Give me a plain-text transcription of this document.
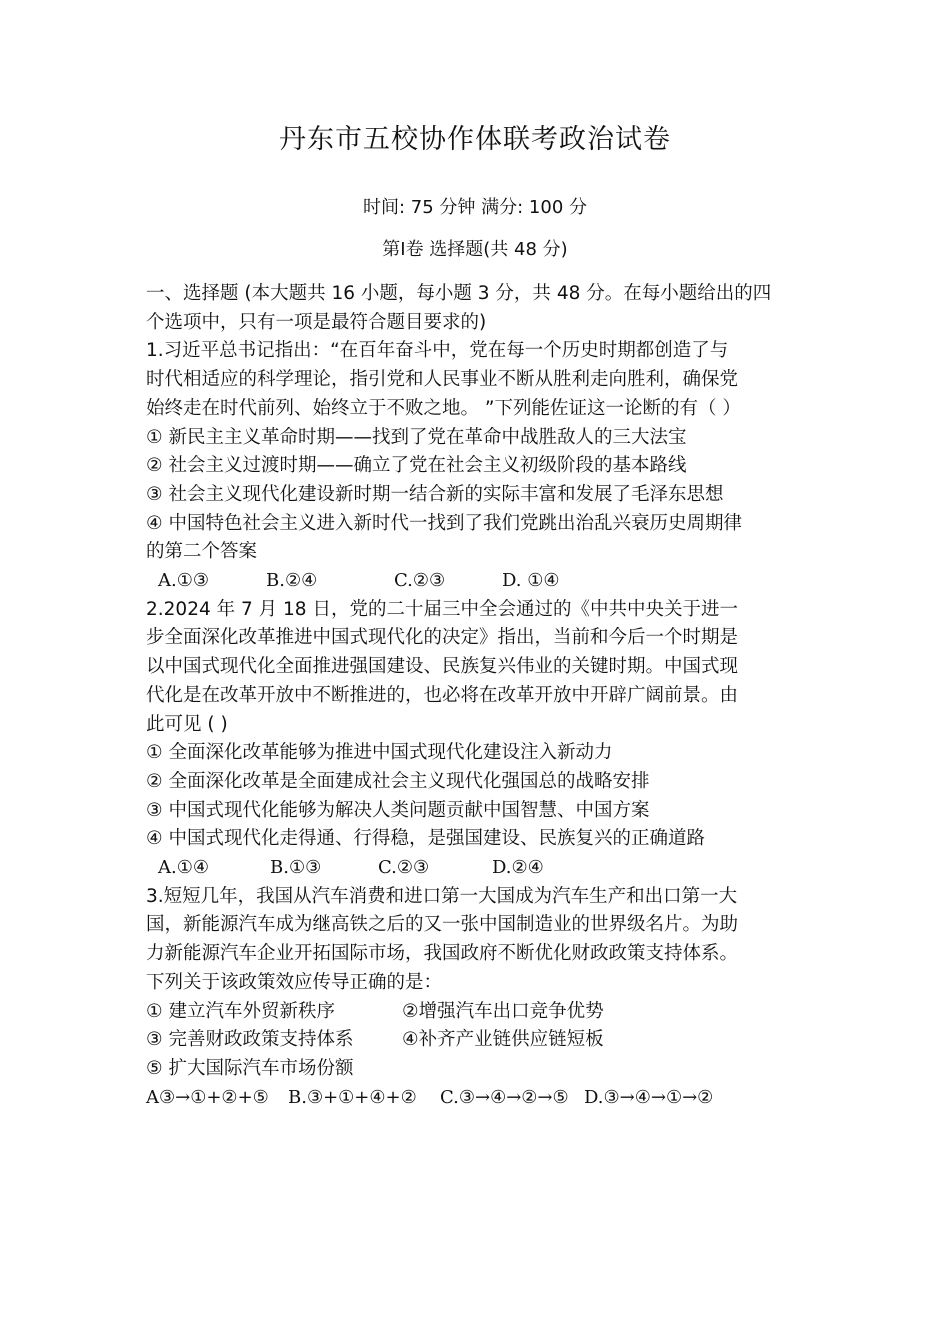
丹东市五校协作体联考政治试卷
时间: 75 分钟 满分: 100 分
第Ⅰ卷 选择题(共 48 分)

一、选择题 (本大题共 16 小题，每小题 3 分，共 48 分。在每小题给出的四

个选项中，只有一项是最符合题目要求的)

1.习近平总书记指出：“在百年奋斗中，党在每一个历史时期都创造了与

时代相适应的科学理论，指引党和人民事业不断从胜利走向胜利，确保党

始终走在时代前列、始终立于不败之地。 ”下列能佐证这一论断的有（ ）

① 新民主主义革命时期——找到了党在革命中战胜敌人的三大法宝

② 社会主义过渡时期——确立了党在社会主义初级阶段的基本路线

③ 社会主义现代化建设新时期一结合新的实际丰富和发展了毛泽东思想

④ 中国特色社会主义进入新时代一找到了我们党跳出治乱兴衰历史周期律

的第二个答案

A.①③	B.②④	C.②③	D. ①④

2.2024 年 7 月 18 日，党的二十届三中全会通过的《中共中央关于进一

步全面深化改革推进中国式现代化的决定》指出，当前和今后一个时期是

以中国式现代化全面推进强国建设、民族复兴伟业的关键时期。中国式现

代化是在改革开放中不断推进的，也必将在改革开放中开辟广阔前景。由

此可见 ( )

① 全面深化改革能够为推进中国式现代化建设注入新动力

② 全面深化改革是全面建成社会主义现代化强国总的战略安排

③ 中国式现代化能够为解决人类问题贡献中国智慧、中国方案

④ 中国式现代化走得通、行得稳，是强国建设、民族复兴的正确道路

A.①④	B.①③	C.②③	D.②④

3.短短几年，我国从汽车消费和进口第一大国成为汽车生产和出口第一大

国，新能源汽车成为继高铁之后的又一张中国制造业的世界级名片。为助

力新能源汽车企业开拓国际市场，我国政府不断优化财政政策支持体系。

下列关于该政策效应传导正确的是：

① 建立汽车外贸新秩序	②增强汽车出口竞争优势

③ 完善财政政策支持体系	④补齐产业链供应链短板

⑤ 扩大国际汽车市场份额

A③→①+②+⑤ B.③+①+④+② C.③→④→②→⑤ D.③→④→①→②
